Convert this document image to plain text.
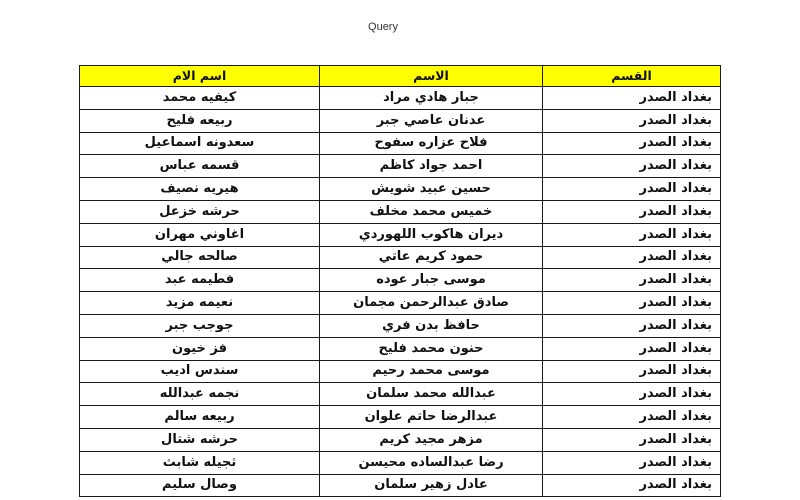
Query
القسم	الاسم	اسم الام
بغداد الصدر	جبار هادي مراد	كيفيه محمد
بغداد الصدر	عدنان عاصي جبر	ربيعه فليح
بغداد الصدر	فلاح عزاره سفوح	سعدونه اسماعيل
بغداد الصدر	احمد جواد كاظم	قسمه عباس
بغداد الصدر	حسين عبيد شويش	هيريه نصيف
بغداد الصدر	خميس محمد مخلف	حرشه خزعل
بغداد الصدر	ديران هاكوب اللهوردي	اغاوني مهران
بغداد الصدر	حمود كريم عاتي	صالحه جالي
بغداد الصدر	موسى جبار عوده	فطيمه عبد
بغداد الصدر	صادق عبدالرحمن مجمان	نعيمه مزيد
بغداد الصدر	حافظ بدن فري	جوجب جبر
بغداد الصدر	حنون محمد فليح	فز خيون
بغداد الصدر	موسى محمد رحيم	سندس اديب
بغداد الصدر	عبدالله محمد سلمان	نجمه عبدالله
بغداد الصدر	عبدالرضا حاتم علوان	ربيعه سالم
بغداد الصدر	مزهر مجيد كريم	حرشه شتال
بغداد الصدر	رضا عبدالساده محيسن	ثجيله شابث
بغداد الصدر	عادل زهير سلمان	وصال سليم
